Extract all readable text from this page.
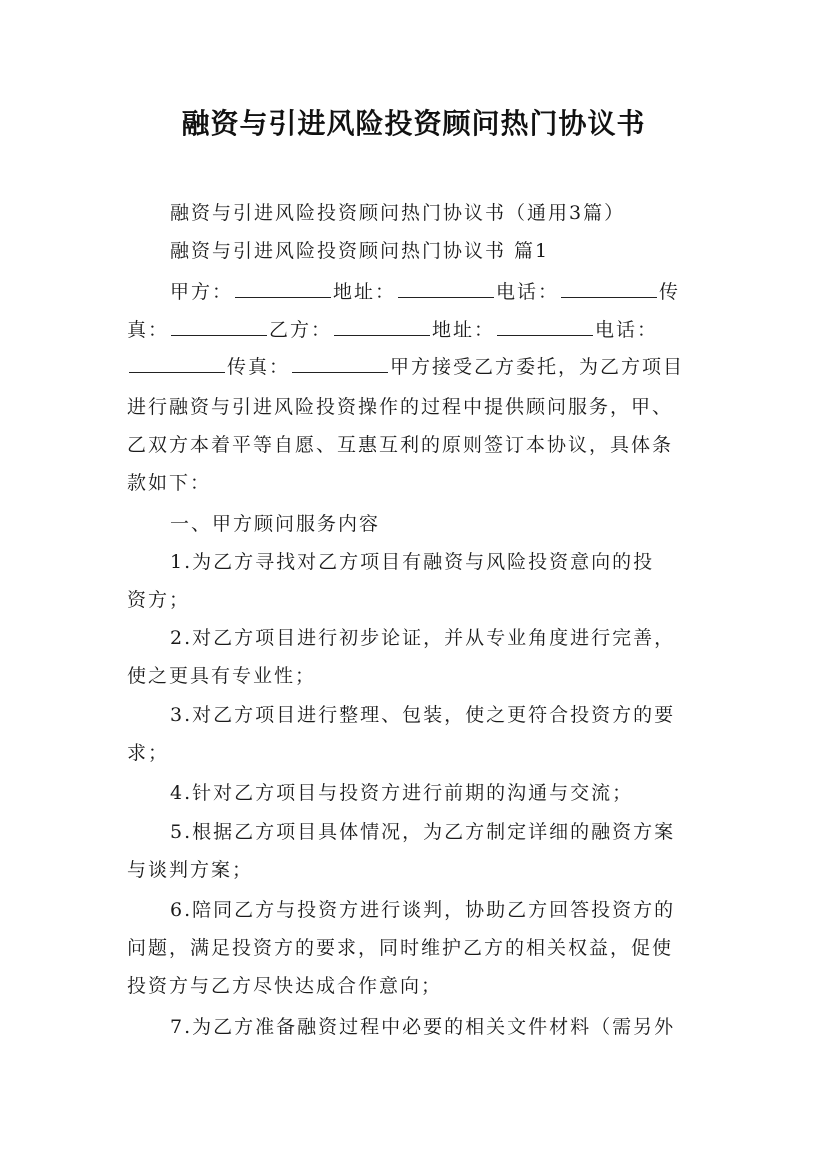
融资与引进风险投资顾问热门协议书

融资与引进风险投资顾问热门协议书（通用3篇）

融资与引进风险投资顾问热门协议书 篇1

甲方：	地址：	电话：	传

真：	乙方：	地址：	电话：

传真：	甲方接受乙方委托，为乙方项目

进行融资与引进风险投资操作的过程中提供顾问服务，甲、

乙双方本着平等自愿、互惠互利的原则签订本协议，具体条

款如下：

一、甲方顾问服务内容

1.为乙方寻找对乙方项目有融资与风险投资意向的投

资方；

2.对乙方项目进行初步论证，并从专业角度进行完善，

使之更具有专业性；

3.对乙方项目进行整理、包装，使之更符合投资方的要

求；

4.针对乙方项目与投资方进行前期的沟通与交流；

5.根据乙方项目具体情况，为乙方制定详细的融资方案

与谈判方案；

6.陪同乙方与投资方进行谈判，协助乙方回答投资方的

问题，满足投资方的要求，同时维护乙方的相关权益，促使

投资方与乙方尽快达成合作意向；

7.为乙方准备融资过程中必要的相关文件材料（需另外
